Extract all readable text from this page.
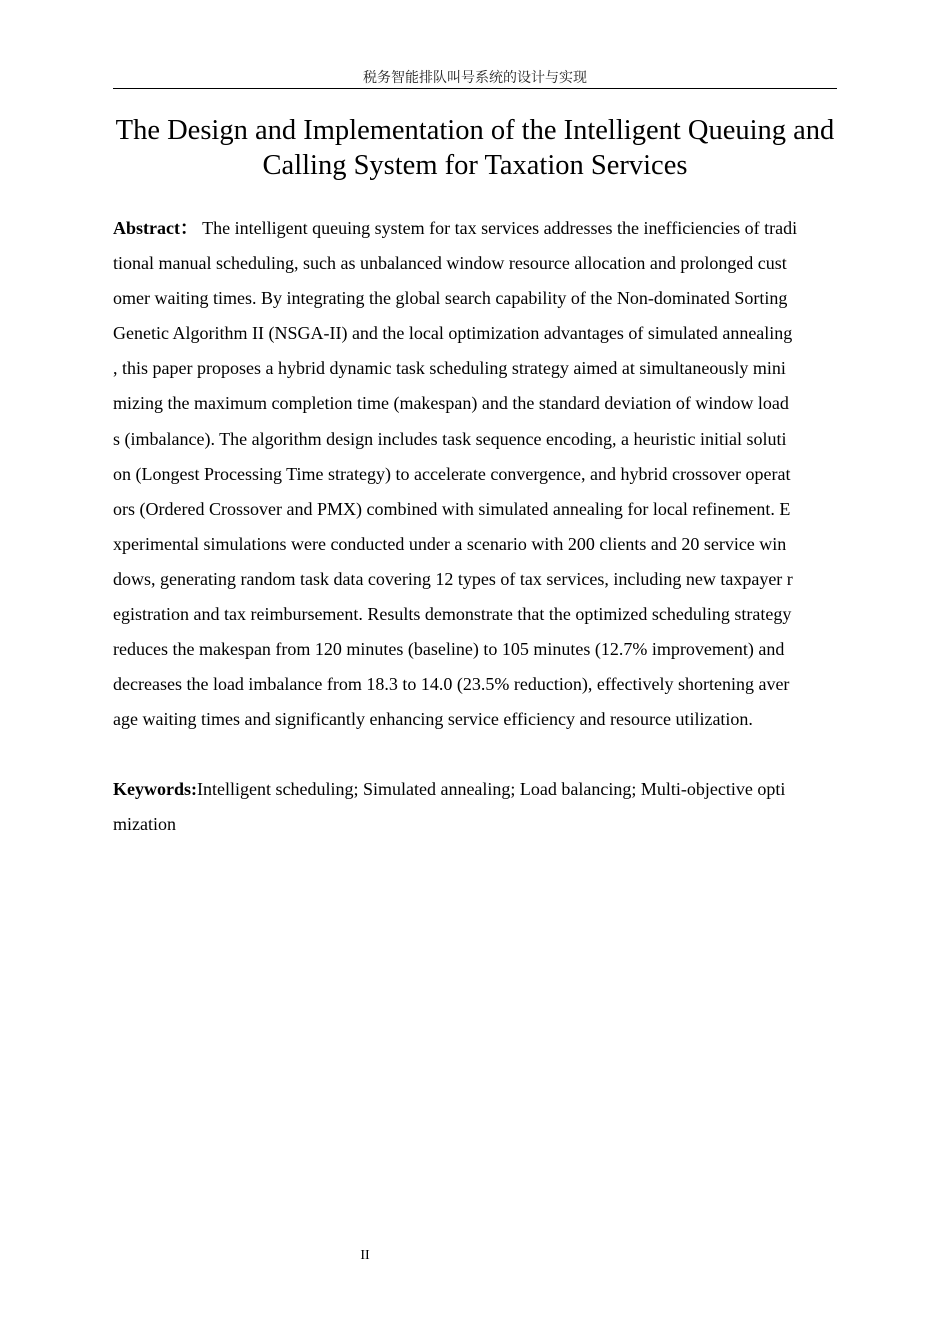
税务智能排队叫号系统的设计与实现
The Design and Implementation of the Intelligent Queuing and
Calling System for Taxation Services
Abstract： The intelligent queuing system for tax services addresses the inefficiencies of tradi
tional manual scheduling, such as unbalanced window resource allocation and prolonged cust
omer waiting times. By integrating the global search capability of the Non-dominated Sorting
Genetic Algorithm II (NSGA-II) and the local optimization advantages of simulated annealing
, this paper proposes a hybrid dynamic task scheduling strategy aimed at simultaneously mini
mizing the maximum completion time (makespan) and the standard deviation of window load
s (imbalance). The algorithm design includes task sequence encoding, a heuristic initial soluti
on (Longest Processing Time strategy) to accelerate convergence, and hybrid crossover operat
ors (Ordered Crossover and PMX) combined with simulated annealing for local refinement. E
xperimental simulations were conducted under a scenario with 200 clients and 20 service win
dows, generating random task data covering 12 types of tax services, including new taxpayer r
egistration and tax reimbursement. Results demonstrate that the optimized scheduling strategy
reduces the makespan from 120 minutes (baseline) to 105 minutes (12.7% improvement) and
decreases the load imbalance from 18.3 to 14.0 (23.5% reduction), effectively shortening aver
age waiting times and significantly enhancing service efficiency and resource utilization.
Keywords:Intelligent scheduling; Simulated annealing; Load balancing; Multi-objective opti
mization
II
